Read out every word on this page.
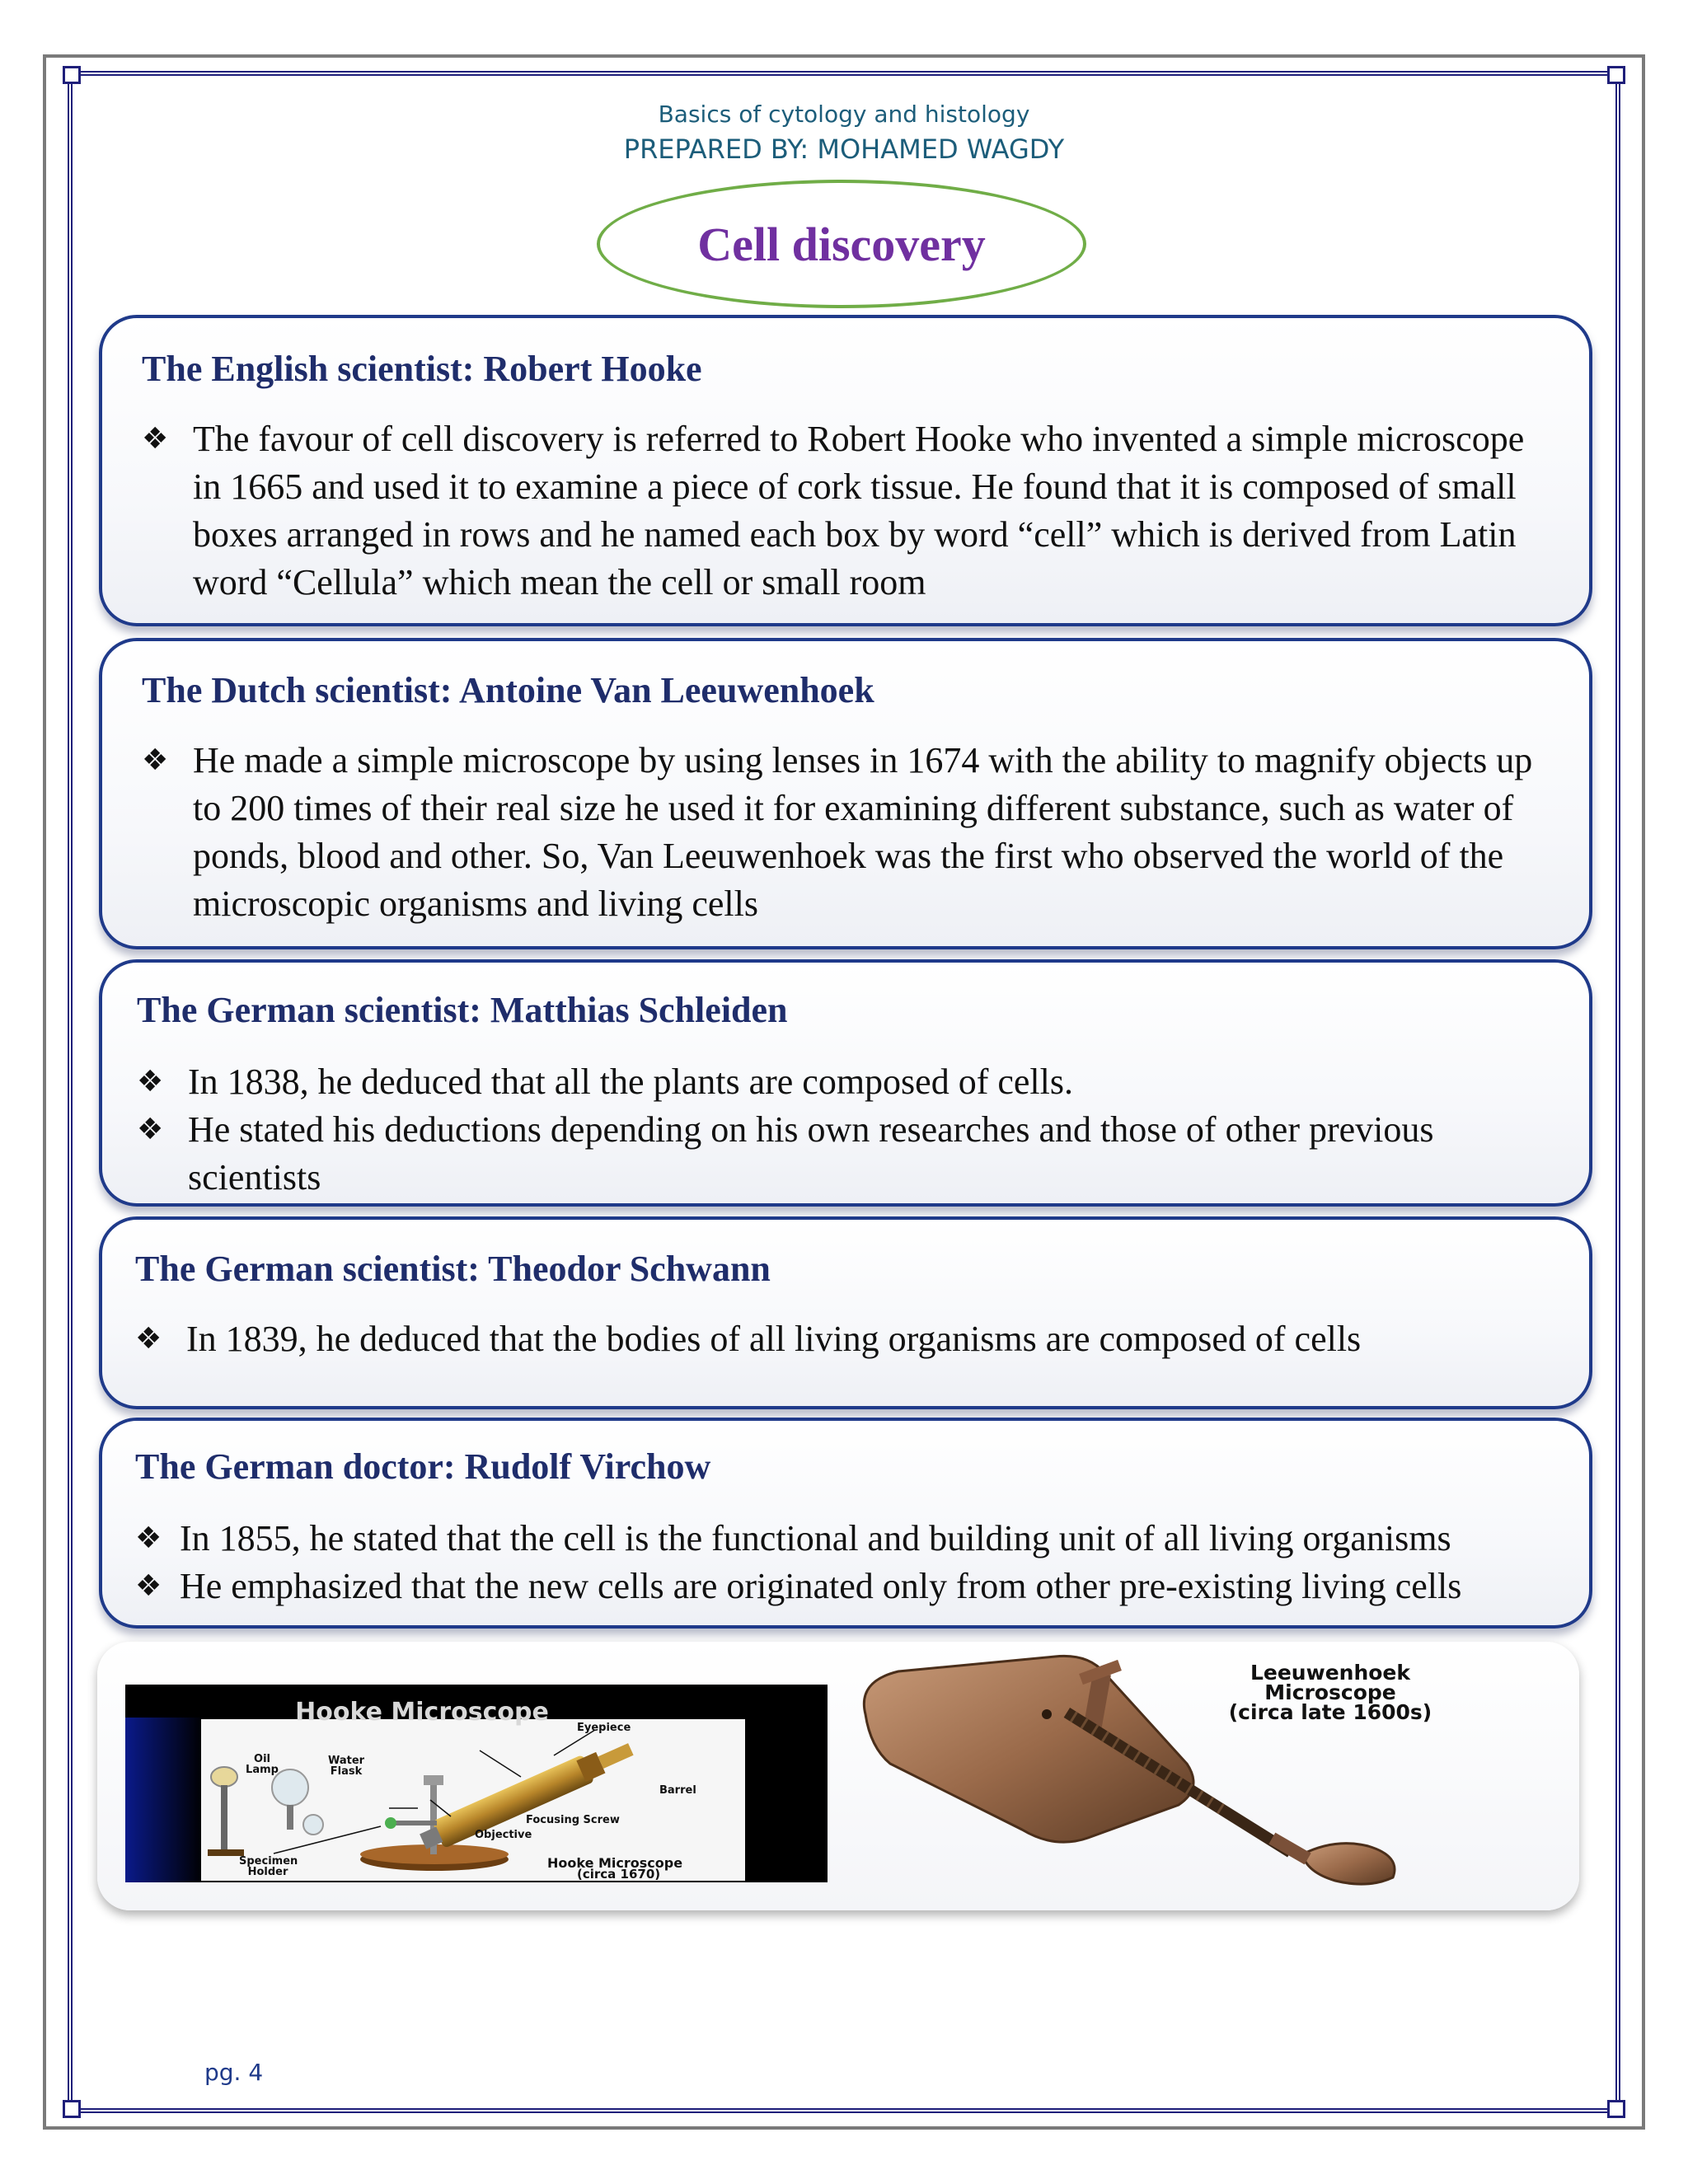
Basics of cytology and histology
PREPARED BY: MOHAMED WAGDY
Cell discovery
The English scientist: Robert Hooke
❖ The favour of cell discovery is referred to Robert Hooke who invented a simple microscope in 1665 and used it to examine a piece of cork tissue. He found that it is composed of small boxes arranged in rows and he named each box by word “cell” which is derived from Latin word “Cellula” which mean the cell or small room
The Dutch scientist: Antoine Van Leeuwenhoek
❖ He made a simple microscope by using lenses in 1674 with the ability to magnify objects up to 200 times of their real size he used it for examining different substance, such as water of ponds, blood and other. So, Van Leeuwenhoek was the first who observed the world of the microscopic organisms and living cells
The German scientist: Matthias Schleiden
❖ In 1838, he deduced that all the plants are composed of cells.
❖ He stated his deductions depending on his own researches and those of other previous scientists
The German scientist: Theodor Schwann
❖ In 1839, he deduced that the bodies of all living organisms are composed of cells
The German doctor: Rudolf Virchow
❖ In 1855, he stated that the cell is the functional and building unit of all living organisms
❖ He emphasized that the new cells are originated only from other pre-existing living cells
Hooke Microscope
Eyepiece
Oil Lamp
Water Flask
Barrel
Focusing Screw
Objective
Specimen Holder
Hooke Microscope
(circa 1670)
Leeuwenhoek
Microscope
(circa late 1600s)
pg. 4
